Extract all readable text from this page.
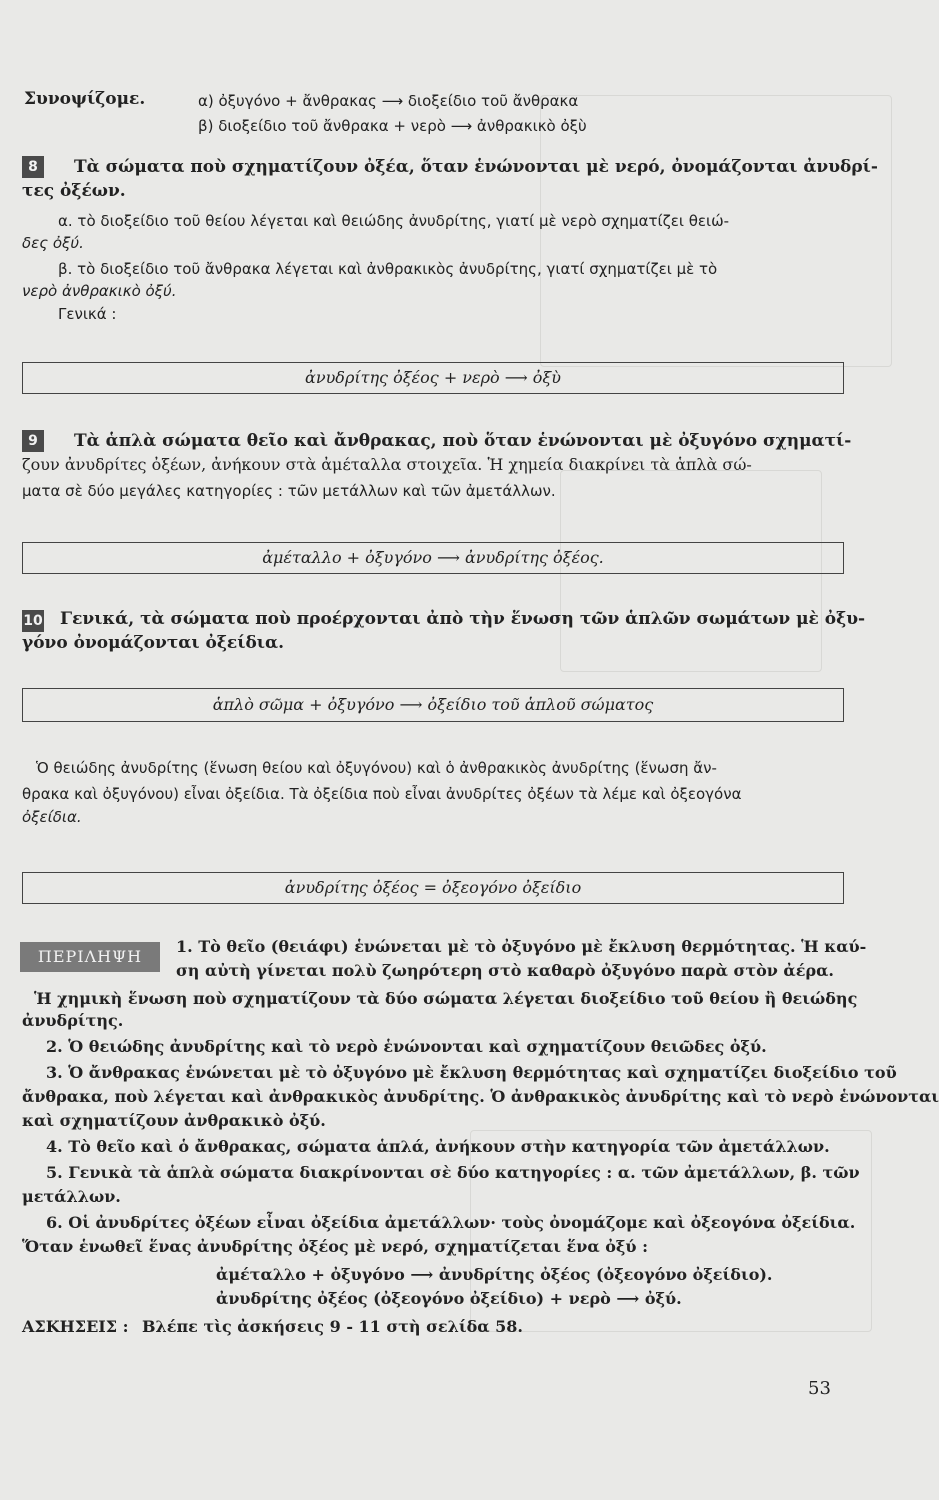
Συνοψίζομε.	α) ὀξυγόνο + ἄνθρακας ⟶ διοξείδιο τοῦ ἄνθρακα
β) διοξείδιο τοῦ ἄνθρακα + νερὸ ⟶ ἀνθρακικὸ ὀξὺ
8	Τὰ σώματα ποὺ σχηματίζουν ὀξέα, ὅταν ἑνώνονται μὲ νερό, ὀνομάζονται ἀνυδρί-
τες ὀξέων.
α. τὸ διοξείδιο τοῦ θείου λέγεται καὶ θειώδης ἀνυδρίτης, γιατί μὲ νερὸ σχηματίζει θειώ-
δες ὀξύ.
β. τὸ διοξείδιο τοῦ ἄνθρακα λέγεται καὶ ἀνθρακικὸς ἀνυδρίτης, γιατί σχηματίζει μὲ τὸ
νερὸ ἀνθρακικὸ ὀξύ.
Γενικά :
ἀνυδρίτης ὀξέος + νερὸ ⟶ ὀξὺ
9	Τὰ ἁπλὰ σώματα θεῖο καὶ ἄνθρακας, ποὺ ὅταν ἑνώνονται μὲ ὀξυγόνο σχηματί-
ζουν ἀνυδρίτες ὀξέων, ἀνήκουν στὰ ἀμέταλλα στοιχεῖα. Ἡ χημεία διακρίνει τὰ ἁπλὰ σώ-
ματα σὲ δύο μεγάλες κατηγορίες : τῶν μετάλλων καὶ τῶν ἀμετάλλων.
ἀμέταλλο + ὀξυγόνο ⟶ ἀνυδρίτης ὀξέος.
10 Γενικά, τὰ σώματα ποὺ προέρχονται ἀπὸ τὴν ἕνωση τῶν ἁπλῶν σωμάτων μὲ ὀξυ-
γόνο ὀνομάζονται ὀξείδια.
ἁπλὸ σῶμα + ὀξυγόνο ⟶ ὀξείδιο τοῦ ἁπλοῦ σώματος
Ὁ θειώδης ἀνυδρίτης (ἕνωση θείου καὶ ὀξυγόνου) καὶ ὁ ἀνθρακικὸς ἀνυδρίτης (ἕνωση ἄν-
θρακα καὶ ὀξυγόνου) εἶναι ὀξείδια. Τὰ ὀξείδια ποὺ εἶναι ἀνυδρίτες ὀξέων τὰ λέμε καὶ ὀξεογόνα
ὀξείδια.
ἀνυδρίτης ὀξέος = ὀξεογόνο ὀξείδιο
ΠΕΡΙΛΗΨΗ
1. Τὸ θεῖο (θειάφι) ἑνώνεται μὲ τὸ ὀξυγόνο μὲ ἔκλυση θερμότητας. Ἡ καύ-
ση αὐτὴ γίνεται πολὺ ζωηρότερη στὸ καθαρὸ ὀξυγόνο παρὰ στὸν ἀέρα.
Ἡ χημικὴ ἕνωση ποὺ σχηματίζουν τὰ δύο σώματα λέγεται διοξείδιο τοῦ θείου ἢ θειώδης
ἀνυδρίτης.
2. Ὁ θειώδης ἀνυδρίτης καὶ τὸ νερὸ ἑνώνονται καὶ σχηματίζουν θειῶδες ὀξύ.
3. Ὁ ἄνθρακας ἑνώνεται μὲ τὸ ὀξυγόνο μὲ ἔκλυση θερμότητας καὶ σχηματίζει διοξείδιο τοῦ
ἄνθρακα, ποὺ λέγεται καὶ ἀνθρακικὸς ἀνυδρίτης. Ὁ ἀνθρακικὸς ἀνυδρίτης καὶ τὸ νερὸ ἑνώνονται
καὶ σχηματίζουν ἀνθρακικὸ ὀξύ.
4. Τὸ θεῖο καὶ ὁ ἄνθρακας, σώματα ἁπλά, ἀνήκουν στὴν κατηγορία τῶν ἀμετάλλων.
5. Γενικὰ τὰ ἁπλὰ σώματα διακρίνονται σὲ δύο κατηγορίες : α. τῶν ἀμετάλλων, β. τῶν
μετάλλων.
6. Οἱ ἀνυδρίτες ὀξέων εἶναι ὀξείδια ἀμετάλλων· τοὺς ὀνομάζομε καὶ ὀξεογόνα ὀξείδια.
Ὅταν ἑνωθεῖ ἕνας ἀνυδρίτης ὀξέος μὲ νερό, σχηματίζεται ἕνα ὀξύ :
ἀμέταλλο + ὀξυγόνο ⟶ ἀνυδρίτης ὀξέος (ὀξεογόνο ὀξείδιο).
ἀνυδρίτης ὀξέος (ὀξεογόνο ὀξείδιο) + νερὸ ⟶ ὀξύ.
ΑΣΚΗΣΕΙΣ : Βλέπε τὶς ἀσκήσεις 9 - 11 στὴ σελίδα 58.
53
